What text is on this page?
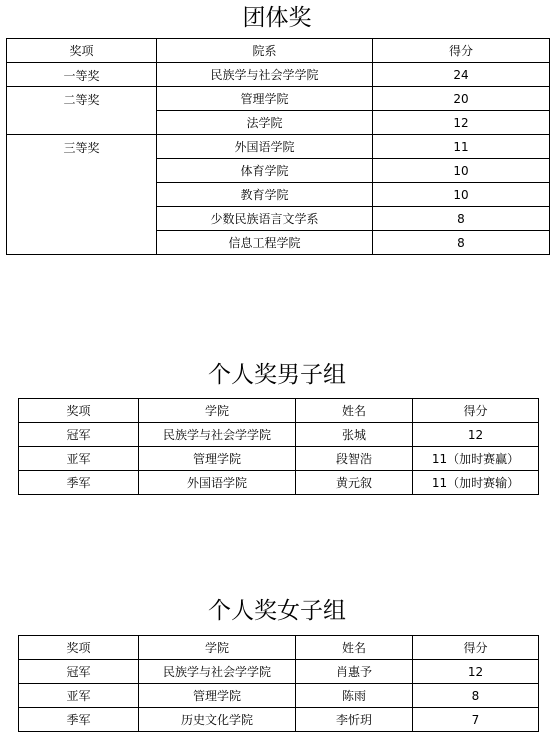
团体奖
奖项	院系	得分
一等奖	民族学与社会学学院	24
二等奖	管理学院	20
	法学院	12
三等奖	外国语学院	11
	体育学院	10
	教育学院	10
	少数民族语言文学系	8
	信息工程学院	8
个人奖男子组
奖项	学院	姓名	得分
冠军	民族学与社会学学院	张城	12
亚军	管理学院	段智浩	11（加时赛赢）
季军	外国语学院	黄元叙	11（加时赛输）
个人奖女子组
奖项	学院	姓名	得分
冠军	民族学与社会学学院	肖惠予	12
亚军	管理学院	陈雨	8
季军	历史文化学院	李忻玥	7
